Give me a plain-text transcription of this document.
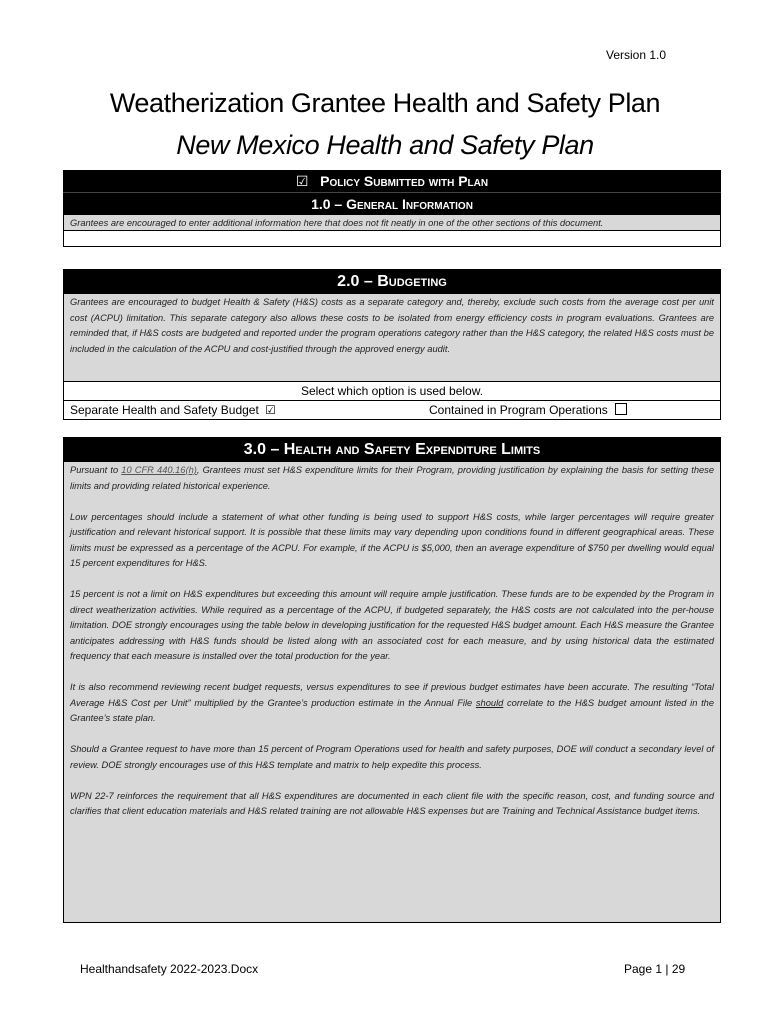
Version 1.0
Weatherization Grantee Health and Safety Plan
New Mexico Health and Safety Plan
☑ Policy Submitted with Plan
1.0 – General Information
Grantees are encouraged to enter additional information here that does not fit neatly in one of the other sections of this document.
2.0 – Budgeting
Grantees are encouraged to budget Health & Safety (H&S) costs as a separate category and, thereby, exclude such costs from the average cost per unit cost (ACPU) limitation. This separate category also allows these costs to be isolated from energy efficiency costs in program evaluations. Grantees are reminded that, if H&S costs are budgeted and reported under the program operations category rather than the H&S category, the related H&S costs must be included in the calculation of the ACPU and cost-justified through the approved energy audit.
Select which option is used below.
Separate Health and Safety Budget ☑	Contained in Program Operations
3.0 – Health and Safety Expenditure Limits

Pursuant to 10 CFR 440.16(h), Grantees must set H&S expenditure limits for their Program, providing justification by explaining the basis for setting these limits and providing related historical experience.

Low percentages should include a statement of what other funding is being used to support H&S costs, while larger percentages will require greater justification and relevant historical support. It is possible that these limits may vary depending upon conditions found in different geographical areas. These limits must be expressed as a percentage of the ACPU. For example, if the ACPU is $5,000, then an average expenditure of $750 per dwelling would equal 15 percent expenditures for H&S.

15 percent is not a limit on H&S expenditures but exceeding this amount will require ample justification. These funds are to be expended by the Program in direct weatherization activities. While required as a percentage of the ACPU, if budgeted separately, the H&S costs are not calculated into the per-house limitation. DOE strongly encourages using the table below in developing justification for the requested H&S budget amount. Each H&S measure the Grantee anticipates addressing with H&S funds should be listed along with an associated cost for each measure, and by using historical data the estimated frequency that each measure is installed over the total production for the year.

It is also recommend reviewing recent budget requests, versus expenditures to see if previous budget estimates have been accurate. The resulting “Total Average H&S Cost per Unit” multiplied by the Grantee’s production estimate in the Annual File should correlate to the H&S budget amount listed in the Grantee’s state plan.

Should a Grantee request to have more than 15 percent of Program Operations used for health and safety purposes, DOE will conduct a secondary level of review. DOE strongly encourages use of this H&S template and matrix to help expedite this process.

WPN 22-7 reinforces the requirement that all H&S expenditures are documented in each client file with the specific reason, cost, and funding source and clarifies that client education materials and H&S related training are not allowable H&S expenses but are Training and Technical Assistance budget items.

Healthandsafety 2022-2023.Docx	Page 1 | 29
